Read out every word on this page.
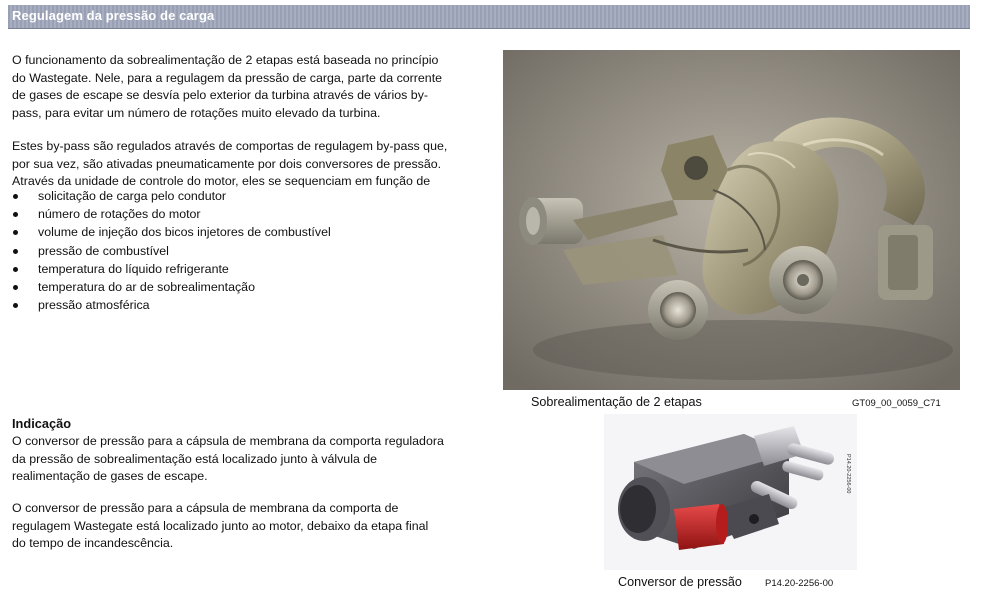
Regulagem da pressão de carga

O funcionamento da sobrealimentação de 2 etapas está baseada no princípio

do Wastegate. Nele, para a regulagem da pressão de carga, parte da corrente

de gases de escape se desvía pelo exterior da turbina através de vários by-

pass, para evitar um número de rotações muito elevado da turbina.

Estes by-pass são regulados através de comportas de regulagem by-pass que,

por sua vez, são ativadas pneumaticamente por dois conversores de pressão.

Através da unidade de controle do motor, eles se sequenciam em função de

solicitação de carga pelo condutor
número de rotações do motor
volume de injeção dos bicos injetores de combustível
pressão de combustível
temperatura do líquido refrigerante
temperatura do ar de sobrealimentação
pressão atmosférica
Indicação

O conversor de pressão para a cápsula de membrana da comporta reguladora

da pressão de sobrealimentação está localizado junto à válvula de

realimentação de gases de escape.

O conversor de pressão para a cápsula de membrana da comporta de

regulagem Wastegate está localizado junto ao motor, debaixo da etapa final

do tempo de incandescência.

Sobrealimentação de 2 etapas	GT09_00_0059_C71
P14.20-2256-00
Conversor de pressão P14.20-2256-00
